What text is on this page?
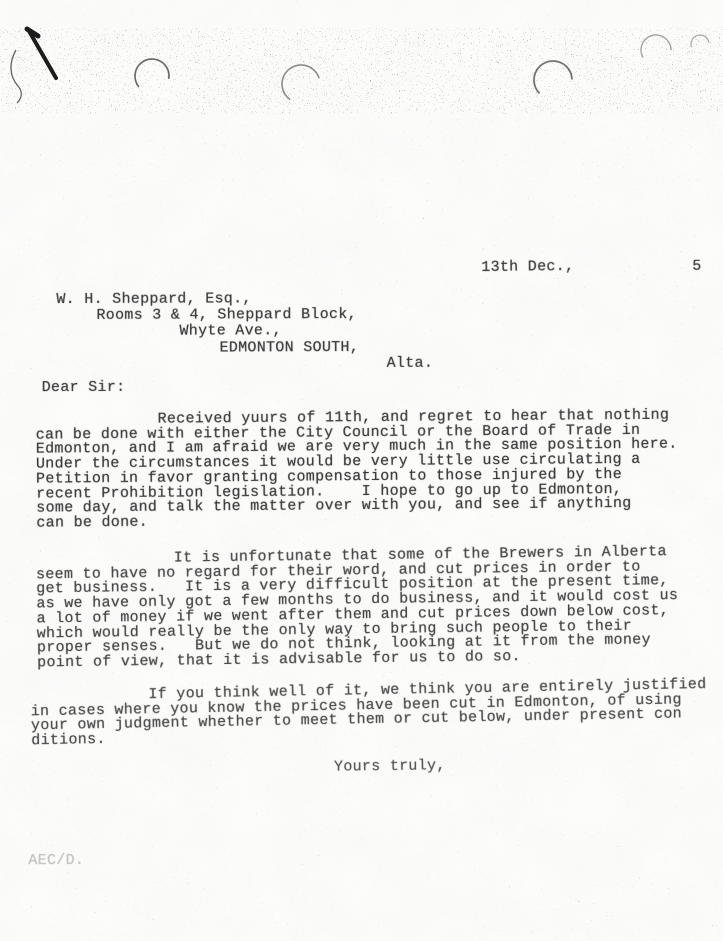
13th Dec.,	5
W. H. Sheppard, Esq.,
Rooms 3 & 4, Sheppard Block,
Whyte Ave.,
EDMONTON SOUTH,
Alta.
Dear Sir:
Received yuurs of 11th, and regret to hear that nothing
can be done with either the City Council or the Board of Trade in
Edmonton, and I am afraid we are very much in the same position here.
Under the circumstances it would be very little use circulating a
Petition in favor granting compensation to those injured by the
recent Prohibition legislation.    I hope to go up to Edmonton,
some day, and talk the matter over with you, and see if anything
can be done.
It is unfortunate that some of the Brewers in Alberta
seem to have no regard for their word, and cut prices in order to
get business.   It is a very difficult position at the present time,
as we have only got a few months to do business, and it would cost us
a lot of money if we went after them and cut prices down below cost,
which would really be the only way to bring such people to their
proper senses.   But we do not think, looking at it from the money
point of view, that it is advisable for us to do so.
If you think well of it, we think you are entirely justified
in cases where you know the prices have been cut in Edmonton, of using
your own judgment whether to meet them or cut below, under present con
ditions.
Yours truly,
AEC/D.
